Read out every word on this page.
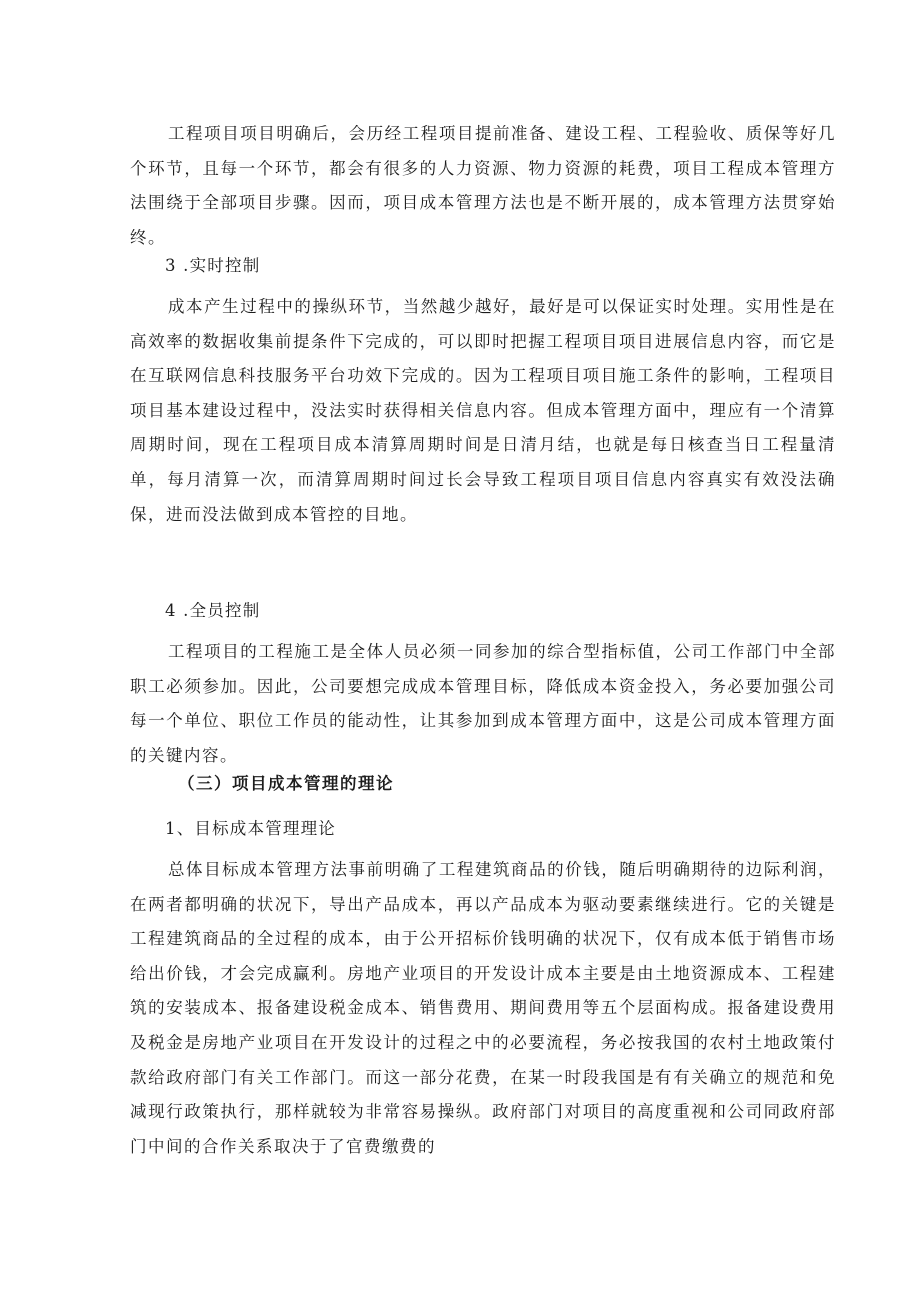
工程项目项目明确后，会历经工程项目提前准备、建设工程、工程验收、质保等好几个环节，且每一个环节，都会有很多的人力资源、物力资源的耗费，项目工程成本管理方法围绕于全部项目步骤。因而，项目成本管理方法也是不断开展的，成本管理方法贯穿始终。

3 .实时控制

成本产生过程中的操纵环节，当然越少越好，最好是可以保证实时处理。实用性是在高效率的数据收集前提条件下完成的，可以即时把握工程项目项目进展信息内容，而它是在互联网信息科技服务平台功效下完成的。因为工程项目项目施工条件的影响，工程项目项目基本建设过程中，没法实时获得相关信息内容。但成本管理方面中，理应有一个清算周期时间，现在工程项目成本清算周期时间是日清月结，也就是每日核查当日工程量清单，每月清算一次，而清算周期时间过长会导致工程项目项目信息内容真实有效没法确保，进而没法做到成本管控的目地。

4 .全员控制

工程项目的工程施工是全体人员必须一同参加的综合型指标值，公司工作部门中全部职工必须参加。因此，公司要想完成成本管理目标，降低成本资金投入，务必要加强公司每一个单位、职位工作员的能动性，让其参加到成本管理方面中，这是公司成本管理方面的关键内容。

（三）项目成本管理的理论
1、目标成本管理理论

总体目标成本管理方法事前明确了工程建筑商品的价钱，随后明确期待的边际利润，在两者都明确的状况下，导出产品成本，再以产品成本为驱动要素继续进行。它的关键是工程建筑商品的全过程的成本，由于公开招标价钱明确的状况下，仅有成本低于销售市场给出价钱，才会完成赢利。房地产业项目的开发设计成本主要是由土地资源成本、工程建筑的安装成本、报备建设税金成本、销售费用、期间费用等五个层面构成。报备建设费用及税金是房地产业项目在开发设计的过程之中的必要流程，务必按我国的农村土地政策付款给政府部门有关工作部门。而这一部分花费，在某一时段我国是有有关确立的规范和免减现行政策执行，那样就较为非常容易操纵。政府部门对项目的高度重视和公司同政府部门中间的合作关系取决于了官费缴费的
